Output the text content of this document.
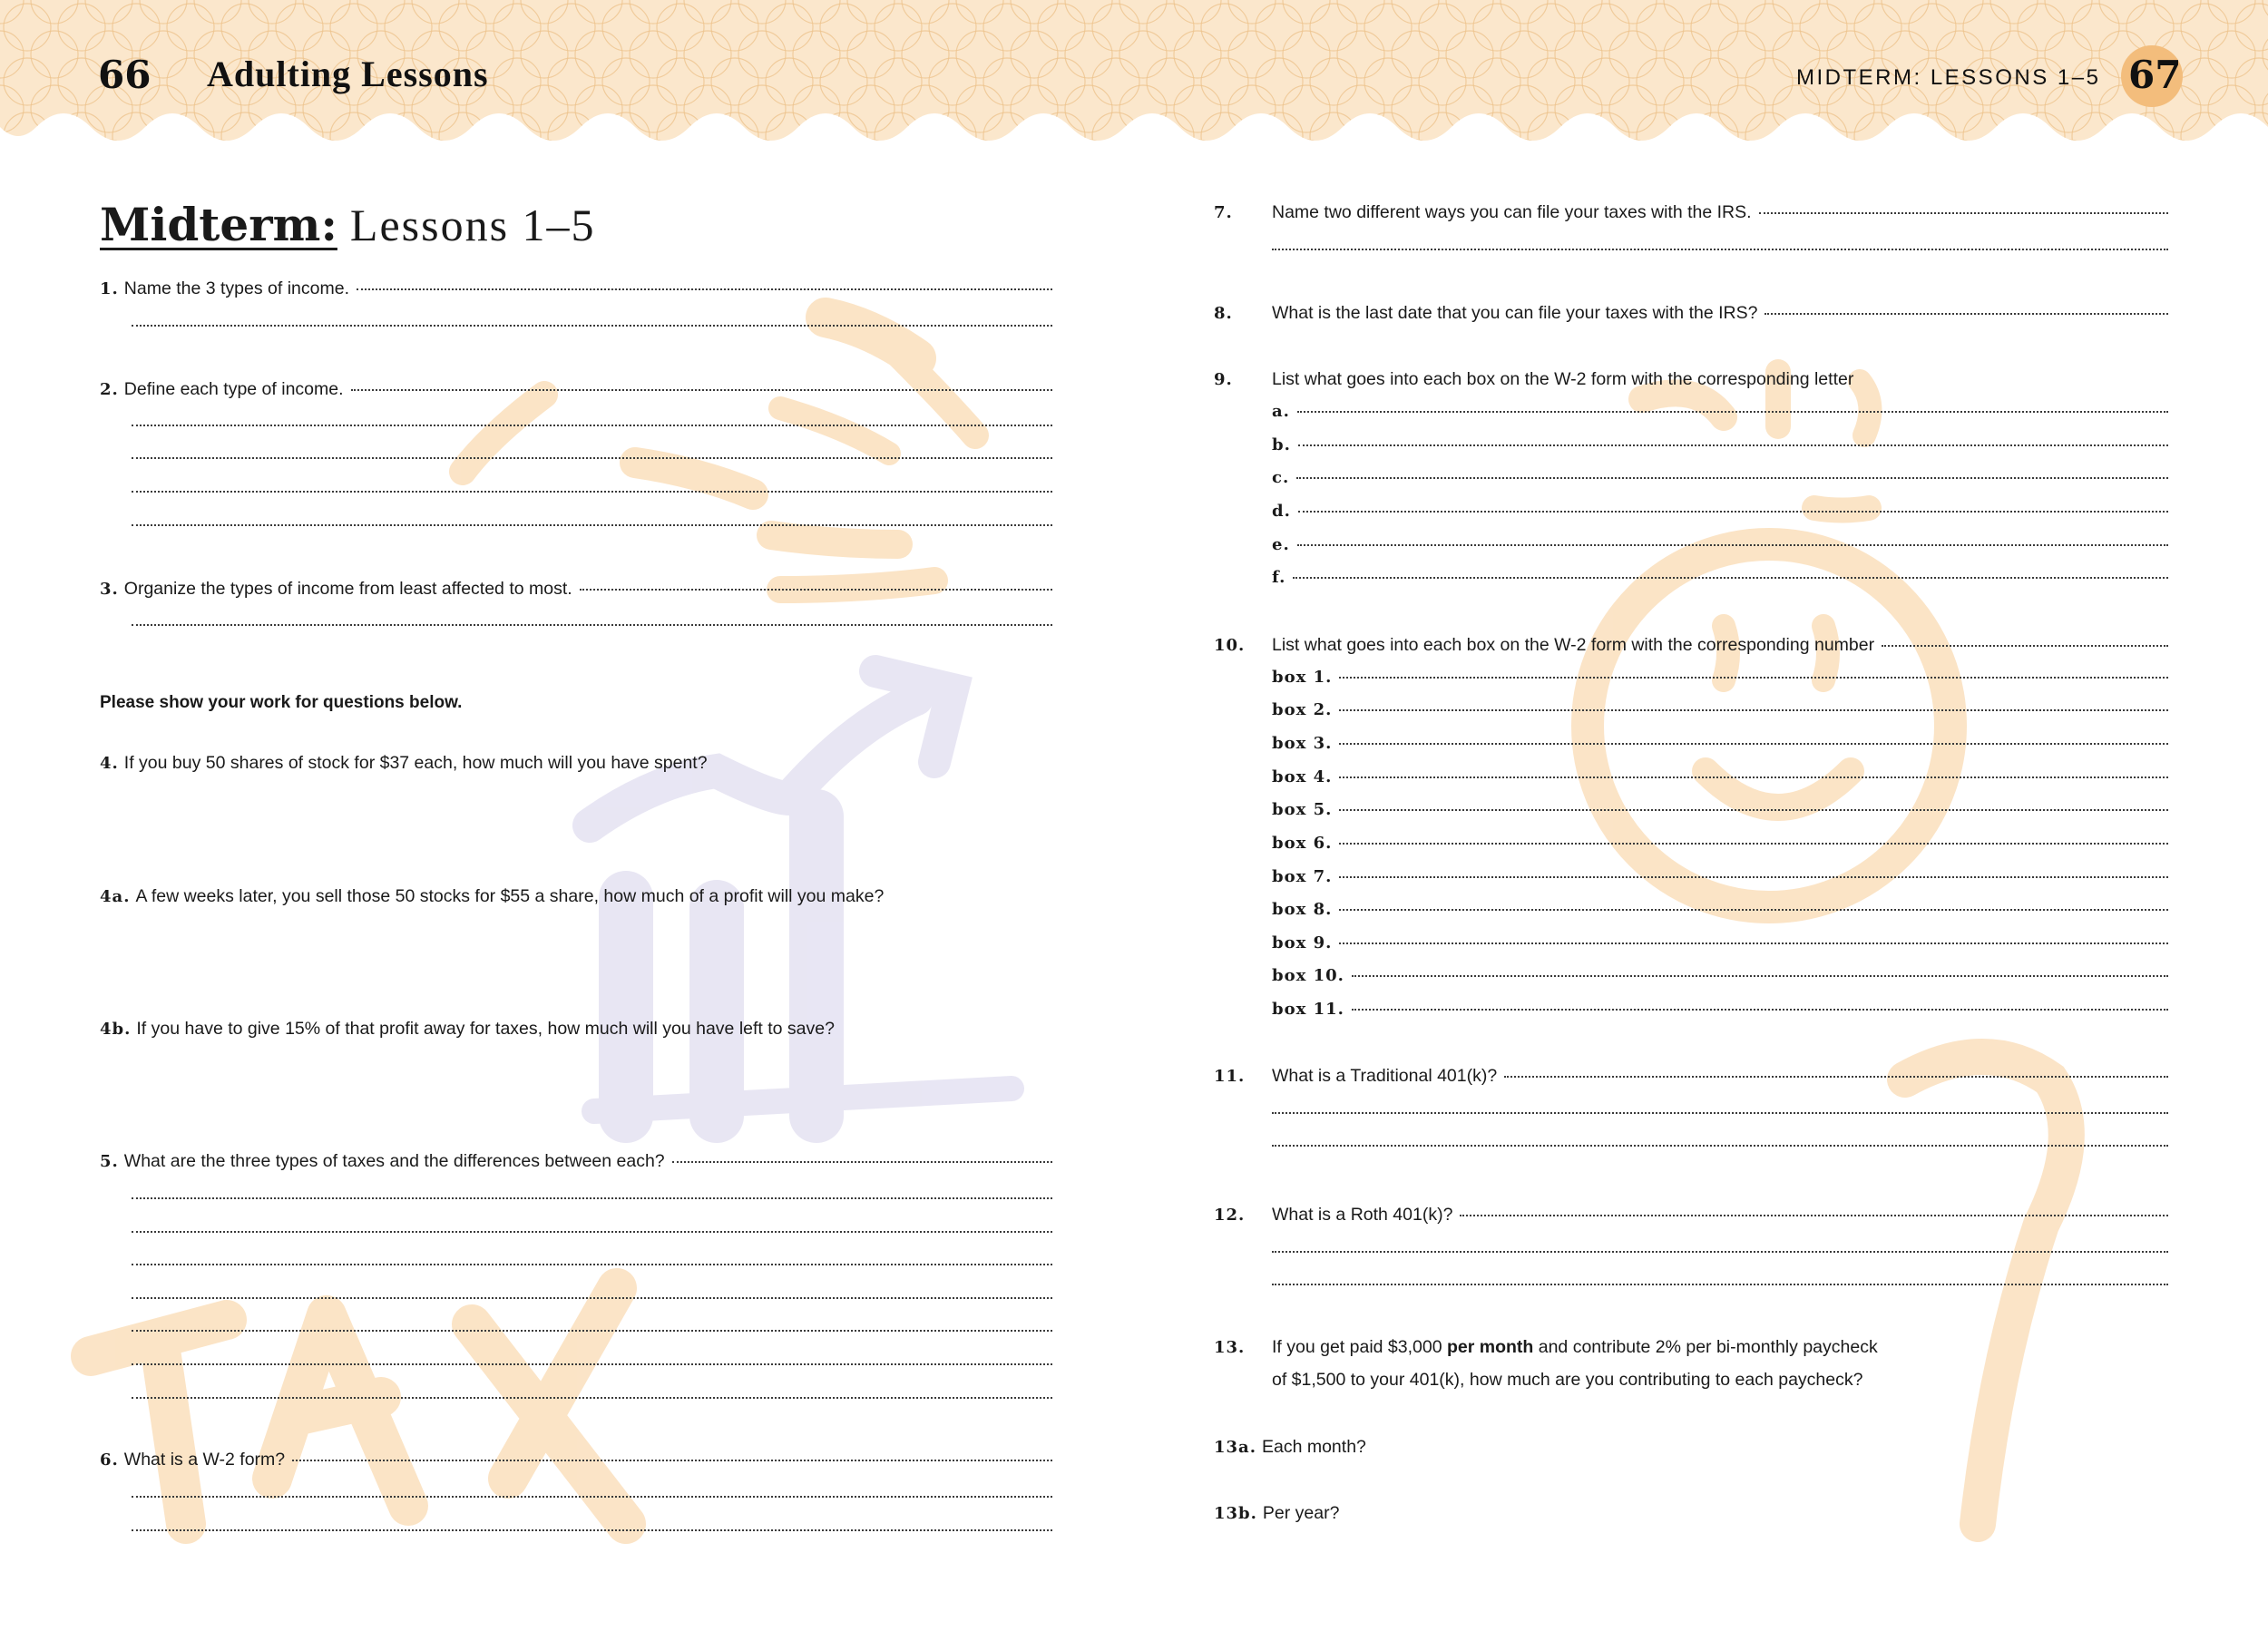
66 Adulting Lessons	MIDTERM: LESSONS 1–5 67
Midterm: Lessons 1–5
1. Name the 3 types of income.
2. Define each type of income.
3. Organize the types of income from least affected to most.
Please show your work for questions below.
4. If you buy 50 shares of stock for $37 each, how much will you have spent?
4a. A few weeks later, you sell those 50 stocks for $55 a share, how much of a profit will you make?
4b. If you have to give 15% of that profit away for taxes, how much will you have left to save?
5. What are the three types of taxes and the differences between each?
6. What is a W-2 form?
7.	Name two different ways you can file your taxes with the IRS.
8.	What is the last date that you can file your taxes with the IRS?
9.	List what goes into each box on the W-2 form with the corresponding letter
a.
b.
c.
d.
e.
f.
10.	List what goes into each box on the W-2 form with the corresponding number
box 1.
box 2.
box 3.
box 4.
box 5.
box 6.
box 7.
box 8.
box 9.
box 10.
box 11.
11.	What is a Traditional 401(k)?
12.	What is a Roth 401(k)?
13.	If you get paid $3,000 per month and contribute 2% per bi-monthly paycheck
of $1,500 to your 401(k), how much are you contributing to each paycheck?
13a. Each month?
13b. Per year?
